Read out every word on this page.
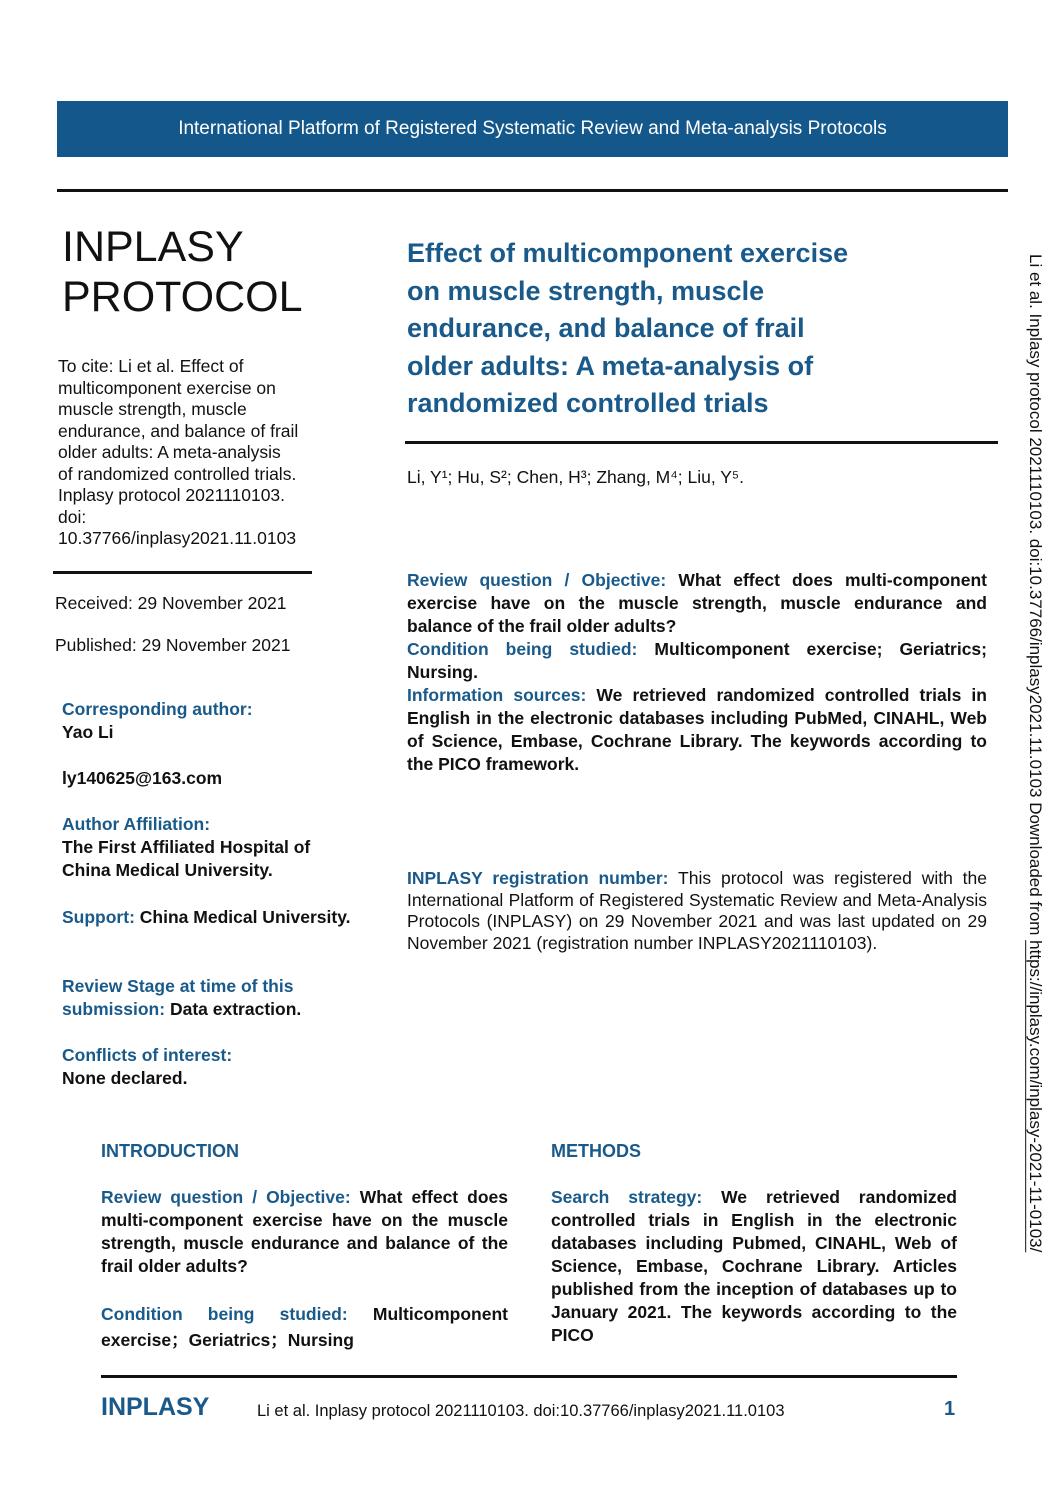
International Platform of Registered Systematic Review and Meta-analysis Protocols
INPLASY
PROTOCOL
To cite: Li et al. Effect of
multicomponent exercise on
muscle strength, muscle
endurance, and balance of frail
older adults: A meta-analysis
of randomized controlled trials.
Inplasy protocol 2021110103.
doi:
10.37766/inplasy2021.11.0103
Received: 29 November 2021
Published: 29 November 2021
Corresponding author:
Yao Li
ly140625@163.com
Author Affiliation:
The First Affiliated Hospital of China Medical University.
Support: China Medical University.
Review Stage at time of this submission: Data extraction.
Conflicts of interest:
None declared.
Effect of multicomponent exercise
on muscle strength, muscle
endurance, and balance of frail
older adults: A meta-analysis of
randomized controlled trials
Li, Y¹; Hu, S²; Chen, H³; Zhang, M⁴; Liu, Y⁵.
Review question / Objective: What effect does multi-component exercise have on the muscle strength, muscle endurance and balance of the frail older adults?
Condition being studied: Multicomponent exercise; Geriatrics; Nursing.
Information sources: We retrieved randomized controlled trials in English in the electronic databases including PubMed, CINAHL, Web of Science, Embase, Cochrane Library. The keywords according to the PICO framework.
INPLASY registration number: This protocol was registered with the International Platform of Registered Systematic Review and Meta-Analysis Protocols (INPLASY) on 29 November 2021 and was last updated on 29 November 2021 (registration number INPLASY2021110103).
INTRODUCTION
Review question / Objective: What effect does multi-component exercise have on the muscle strength, muscle endurance and balance of the frail older adults?
Condition being studied: Multicomponent exercise；Geriatrics；Nursing
METHODS
Search strategy: We retrieved randomized controlled trials in English in the electronic databases including Pubmed, CINAHL, Web of Science, Embase, Cochrane Library. Articles published from the inception of databases up to January 2021. The keywords according to the PICO
INPLASY	Li et al. Inplasy protocol 2021110103. doi:10.37766/inplasy2021.11.0103	1
Li et al. Inplasy protocol 2021110103. doi:10.37766/inplasy2021.11.0103 Downloaded from https://inplasy.com/inplasy-2021-11-0103/
